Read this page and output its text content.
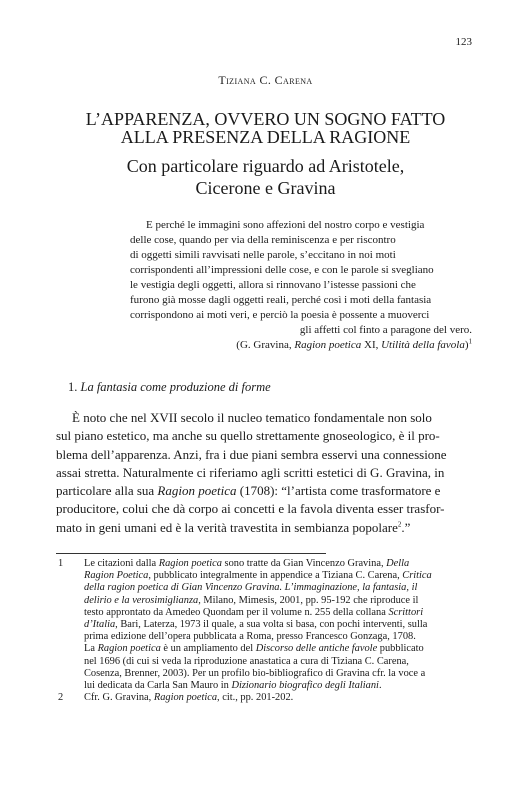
123
Tiziana C. Carena
L’APPARENZA, OVVERO UN SOGNO FATTO
ALLA PRESENZA DELLA RAGIONE
Con particolare riguardo ad Aristotele,
Cicerone e Gravina
E perché le immagini sono affezioni del nostro corpo e vestigia
delle cose, quando per via della reminiscenza e per riscontro
di oggetti simili ravvisati nelle parole, s’eccitano in noi moti
corrispondenti all’impressioni delle cose, e con le parole si svegliano
le vestigia degli oggetti, allora si rinnovano l’istesse passioni che
furono già mosse dagli oggetti reali, perché così i moti della fantasia
corrispondono ai moti veri, e perciò la poesia è possente a muoverci
gli affetti col finto a paragone del vero.
(G. Gravina, Ragion poetica XI, Utilità della favola)$^1$
1. La fantasia come produzione di forme
È noto che nel XVII secolo il nucleo tematico fondamentale non solo
sul piano estetico, ma anche su quello strettamente gnoseologico, è il pro-
blema dell’apparenza. Anzi, fra i due piani sembra esservi una connessione
assai stretta. Naturalmente ci riferiamo agli scritti estetici di G. Gravina, in
particolare alla sua Ragion poetica (1708): “l’artista come trasformatore e
producitore, colui che dà corpo ai concetti e la favola diventa esser trasfor-
mato in geni umani ed è la verità travestita in sembianza popolare$^2$.”
1 Le citazioni dalla Ragion poetica sono tratte da Gian Vincenzo Gravina, Della
Ragion Poetica, pubblicato integralmente in appendice a Tiziana C. Carena, Critica
della ragion poetica di Gian Vincenzo Gravina. L’immaginazione, la fantasia, il
delirio e la verosimiglianza, Milano, Mimesis, 2001, pp. 95-192 che riproduce il
testo approntato da Amedeo Quondam per il volume n. 255 della collana Scrittori
d’Italia, Bari, Laterza, 1973 il quale, a sua volta si basa, con pochi interventi, sulla
prima edizione dell’opera pubblicata a Roma, presso Francesco Gonzaga, 1708.
La Ragion poetica è un ampliamento del Discorso delle antiche favole pubblicato
nel 1696 (di cui si veda la riproduzione anastatica a cura di Tiziana C. Carena,
Cosenza, Brenner, 2003). Per un profilo bio-bibliografico di Gravina cfr. la voce a
lui dedicata da Carla San Mauro in Dizionario biografico degli Italiani.
2 Cfr. G. Gravina, Ragion poetica, cit., pp. 201-202.
